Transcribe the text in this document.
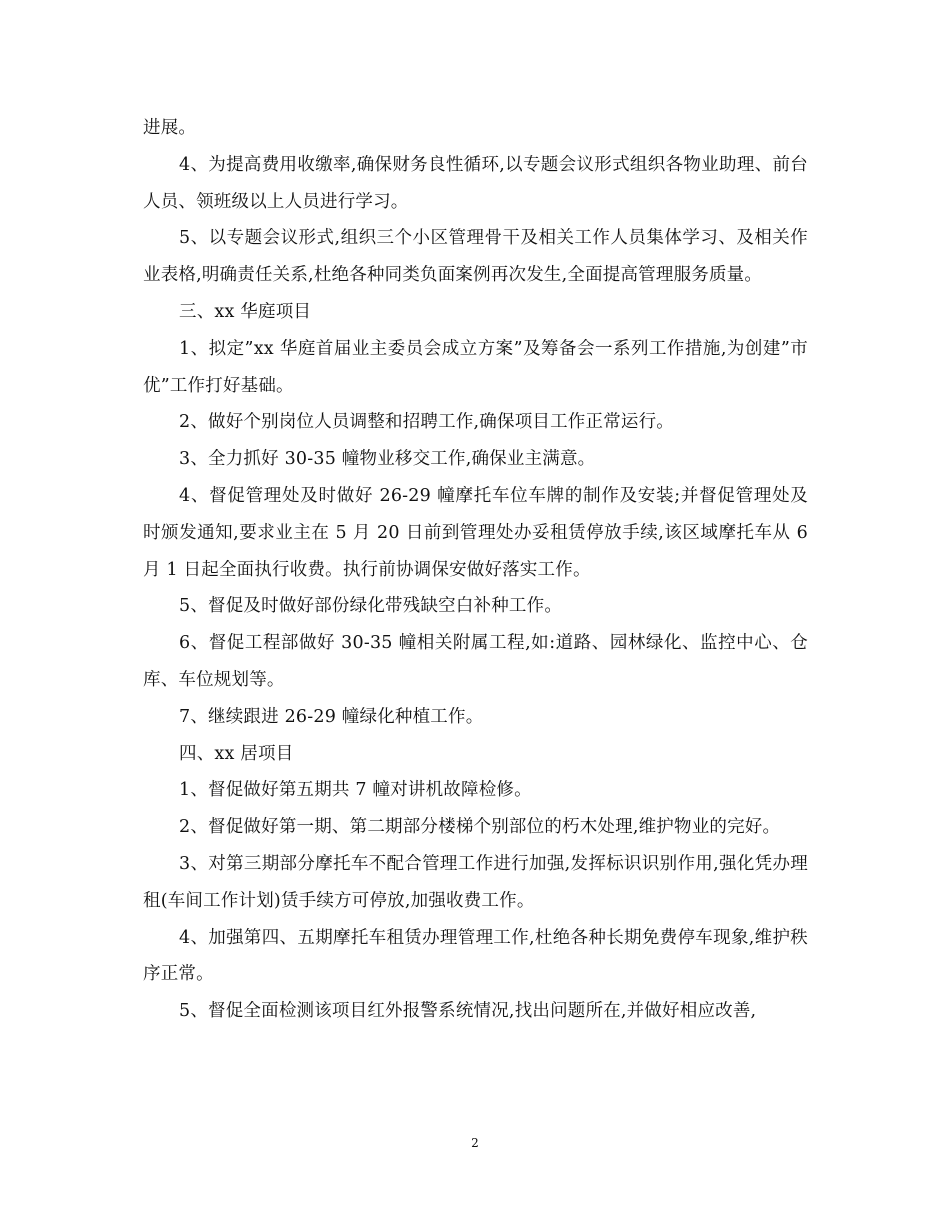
进展。

4、为提高费用收缴率,确保财务良性循环,以专题会议形式组织各物业助理、前台人员、领班级以上人员进行学习。

5、以专题会议形式,组织三个小区管理骨干及相关工作人员集体学习、及相关作业表格,明确责任关系,杜绝各种同类负面案例再次发生,全面提高管理服务质量。

三、xx 华庭项目

1、拟定”xx 华庭首届业主委员会成立方案”及筹备会一系列工作措施,为创建”市优”工作打好基础。

2、做好个别岗位人员调整和招聘工作,确保项目工作正常运行。

3、全力抓好 30-35 幢物业移交工作,确保业主满意。

4、督促管理处及时做好 26-29 幢摩托车位车牌的制作及安装;并督促管理处及时颁发通知,要求业主在 5 月 20 日前到管理处办妥租赁停放手续,该区域摩托车从 6 月 1 日起全面执行收费。执行前协调保安做好落实工作。

5、督促及时做好部份绿化带残缺空白补种工作。

6、督促工程部做好 30-35 幢相关附属工程,如:道路、园林绿化、监控中心、仓库、车位规划等。

7、继续跟进 26-29 幢绿化种植工作。

四、xx 居项目

1、督促做好第五期共 7 幢对讲机故障检修。

2、督促做好第一期、第二期部分楼梯个别部位的朽木处理,维护物业的完好。

3、对第三期部分摩托车不配合管理工作进行加强,发挥标识识别作用,强化凭办理租(车间工作计划)赁手续方可停放,加强收费工作。

4、加强第四、五期摩托车租赁办理管理工作,杜绝各种长期免费停车现象,维护秩序正常。

5、督促全面检测该项目红外报警系统情况,找出问题所在,并做好相应改善,

2
